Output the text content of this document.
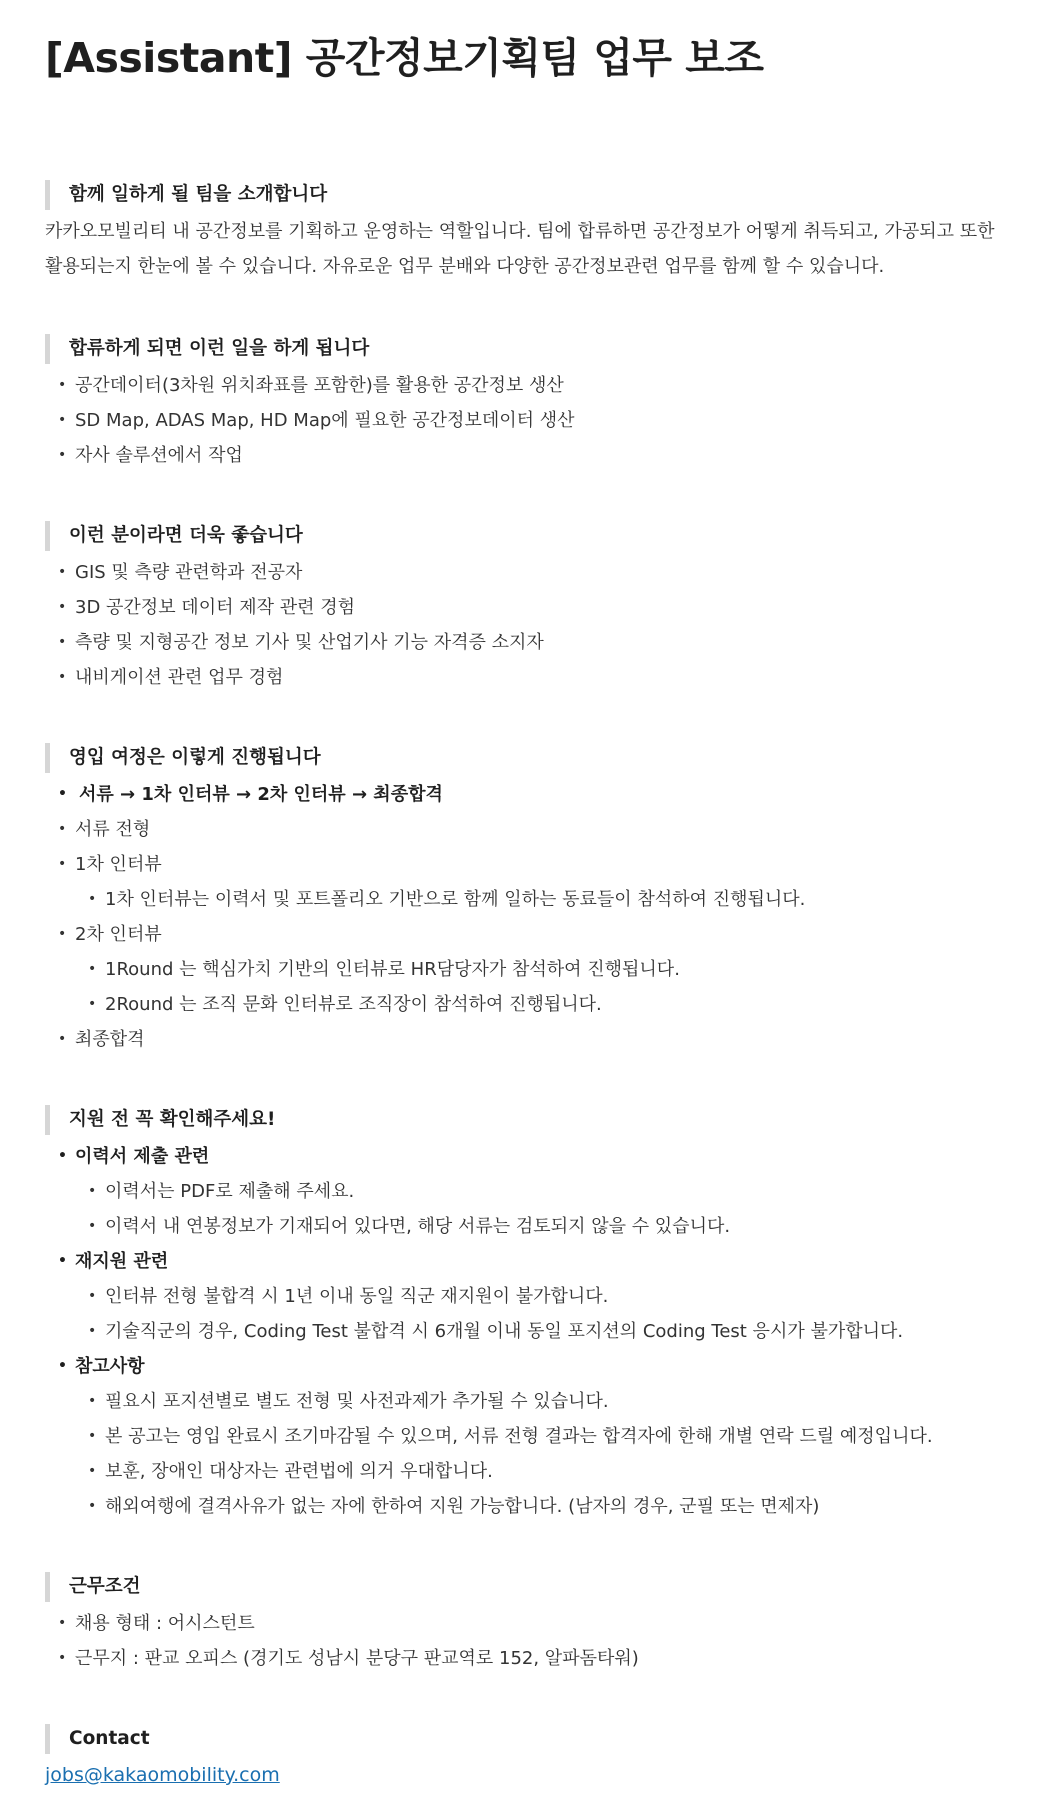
[Assistant] 공간정보기획팀 업무 보조
함께 일하게 될 팀을 소개합니다

카카오모빌리티 내 공간정보를 기획하고 운영하는 역할입니다. 팀에 합류하면 공간정보가 어떻게 취득되고, 가공되고 또한

활용되는지 한눈에 볼 수 있습니다. 자유로운 업무 분배와 다양한 공간정보관련 업무를 함께 할 수 있습니다.

합류하게 되면 이런 일을 하게 됩니다
• 공간데이터(3차원 위치좌표를 포함한)를 활용한 공간정보 생산
• SD Map, ADAS Map, HD Map에 필요한 공간정보데이터 생산
• 자사 솔루션에서 작업
이런 분이라면 더욱 좋습니다
• GIS 및 측량 관련학과 전공자
• 3D 공간정보 데이터 제작 관련 경험
• 측량 및 지형공간 정보 기사 및 산업기사 기능 자격증 소지자
• 내비게이션 관련 업무 경험
영입 여정은 이렇게 진행됩니다
• 서류 → 1차 인터뷰 → 2차 인터뷰 → 최종합격
• 서류 전형
• 1차 인터뷰
• 1차 인터뷰는 이력서 및 포트폴리오 기반으로 함께 일하는 동료들이 참석하여 진행됩니다.
• 2차 인터뷰
• 1Round 는 핵심가치 기반의 인터뷰로 HR담당자가 참석하여 진행됩니다.
• 2Round 는 조직 문화 인터뷰로 조직장이 참석하여 진행됩니다.
• 최종합격
지원 전 꼭 확인해주세요!
• 이력서 제출 관련
• 이력서는 PDF로 제출해 주세요.
• 이력서 내 연봉정보가 기재되어 있다면, 해당 서류는 검토되지 않을 수 있습니다.
• 재지원 관련
• 인터뷰 전형 불합격 시 1년 이내 동일 직군 재지원이 불가합니다.
• 기술직군의 경우, Coding Test 불합격 시 6개월 이내 동일 포지션의 Coding Test 응시가 불가합니다.
• 참고사항
• 필요시 포지션별로 별도 전형 및 사전과제가 추가될 수 있습니다.
• 본 공고는 영입 완료시 조기마감될 수 있으며, 서류 전형 결과는 합격자에 한해 개별 연락 드릴 예정입니다.
• 보훈, 장애인 대상자는 관련법에 의거 우대합니다.
• 해외여행에 결격사유가 없는 자에 한하여 지원 가능합니다. (남자의 경우, 군필 또는 면제자)
근무조건
• 채용 형태 : 어시스턴트
• 근무지 : 판교 오피스 (경기도 성남시 분당구 판교역로 152, 알파돔타워)
Contact
jobs@kakaomobility.com
